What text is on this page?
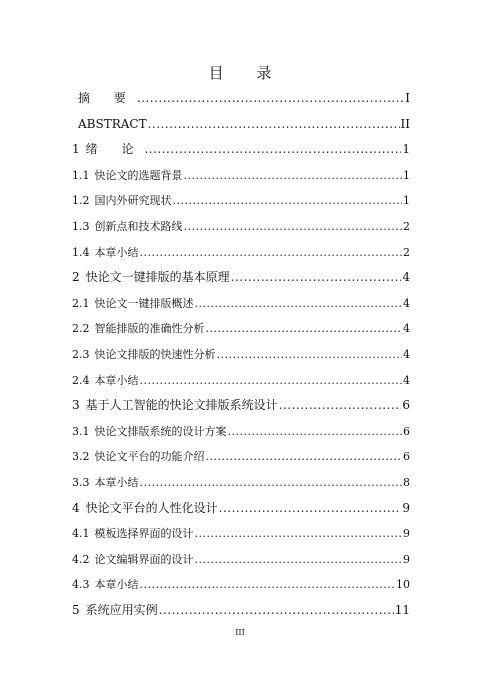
目 录
摘 要 .....	I
ABSTRACT .....	II
1 绪 论 .....	1
1.1 快论文的选题背景 .....	1
1.2 国内外研究现状 .....	1
1.3 创新点和技术路线 .....	2
1.4 本章小结 .....	2
2 快论文一键排版的基本原理 .....	4
2.1 快论文一键排版概述 .....	4
2.2 智能排版的准确性分析 .....	4
2.3 快论文排版的快速性分析 .....	4
2.4 本章小结 .....	4
3 基于人工智能的快论文排版系统设计 .....	6
3.1 快论文排版系统的设计方案 .....	6
3.2 快论文平台的功能介绍 .....	6
3.3 本章小结 .....	8
4 快论文平台的人性化设计 .....	9
4.1 模板选择界面的设计 .....	9
4.2 论文编辑界面的设计 .....	9
4.3 本章小结 .....	10
5 系统应用实例 .....	11
III
